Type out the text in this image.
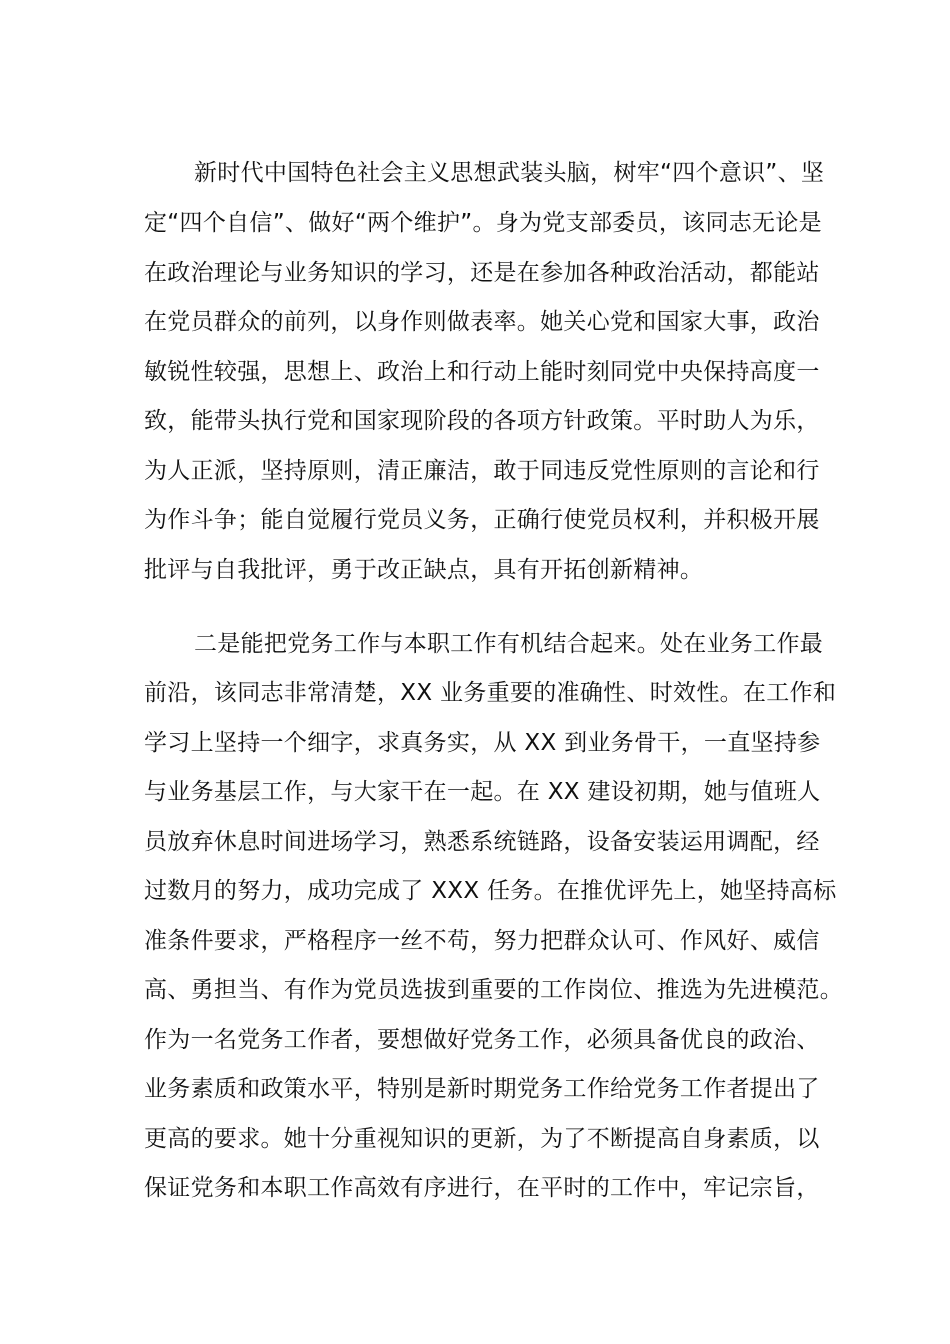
新时代中国特色社会主义思想武装头脑，树牢“四个意识”、坚
定“四个自信”、做好“两个维护”。身为党支部委员，该同志无论是
在政治理论与业务知识的学习，还是在参加各种政治活动，都能站
在党员群众的前列，以身作则做表率。她关心党和国家大事，政治
敏锐性较强，思想上、政治上和行动上能时刻同党中央保持高度一
致，能带头执行党和国家现阶段的各项方针政策。平时助人为乐，
为人正派，坚持原则，清正廉洁，敢于同违反党性原则的言论和行
为作斗争；能自觉履行党员义务，正确行使党员权利，并积极开展
批评与自我批评，勇于改正缺点，具有开拓创新精神。
二是能把党务工作与本职工作有机结合起来。处在业务工作最
前沿，该同志非常清楚，XX 业务重要的准确性、时效性。在工作和
学习上坚持一个细字，求真务实，从 XX 到业务骨干，一直坚持参
与业务基层工作，与大家干在一起。在 XX 建设初期，她与值班人
员放弃休息时间进场学习，熟悉系统链路，设备安装运用调配，经
过数月的努力，成功完成了 XXX 任务。在推优评先上，她坚持高标
准条件要求，严格程序一丝不苟，努力把群众认可、作风好、威信
高、勇担当、有作为党员选拔到重要的工作岗位、推选为先进模范。
作为一名党务工作者，要想做好党务工作，必须具备优良的政治、
业务素质和政策水平，特别是新时期党务工作给党务工作者提出了
更高的要求。她十分重视知识的更新，为了不断提高自身素质，以
保证党务和本职工作高效有序进行，在平时的工作中，牢记宗旨，
